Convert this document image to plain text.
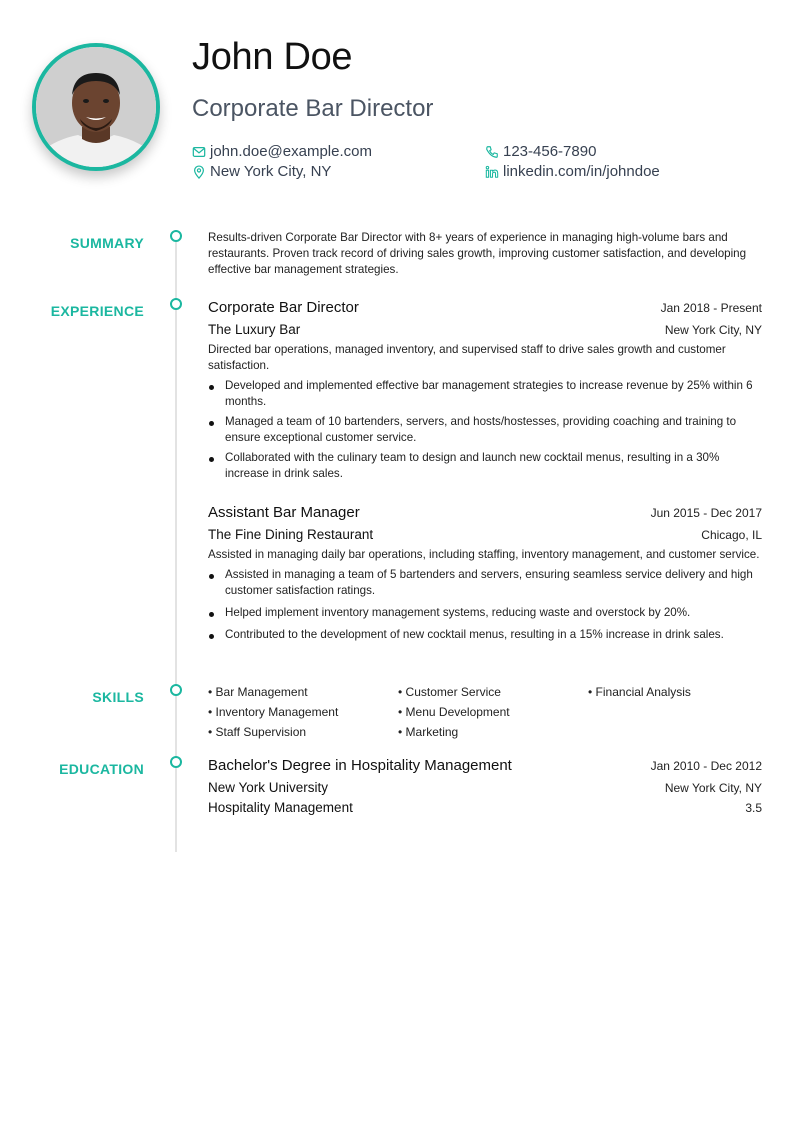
John Doe
Corporate Bar Director
john.doe@example.com	123-456-7890
New York City, NY	linkedin.com/in/johndoe
SUMMARY	Results-driven Corporate Bar Director with 8+ years of experience in managing high-volume bars and restaurants. Proven track record of driving sales growth, improving customer satisfaction, and developing effective bar management strategies.

EXPERIENCE	Corporate Bar Director	Jan 2018 - Present
The Luxury Bar	New York City, NY

Directed bar operations, managed inventory, and supervised staff to drive sales growth and customer satisfaction.

Developed and implemented effective bar management strategies to increase revenue by 25% within 6 months.
Managed a team of 10 bartenders, servers, and hosts/hostesses, providing coaching and training to ensure exceptional customer service.
Collaborated with the culinary team to design and launch new cocktail menus, resulting in a 30% increase in drink sales.
Assistant Bar Manager	Jun 2015 - Dec 2017
The Fine Dining Restaurant	Chicago, IL

Assisted in managing daily bar operations, including staffing, inventory management, and customer service.

Assisted in managing a team of 5 bartenders and servers, ensuring seamless service delivery and high customer satisfaction ratings.
Helped implement inventory management systems, reducing waste and overstock by 20%.
Contributed to the development of new cocktail menus, resulting in a 15% increase in drink sales.
SKILLS	• Bar Management	• Customer Service	• Financial Analysis
• Inventory Management	• Menu Development
• Staff Supervision	• Marketing
EDUCATION	Bachelor's Degree in Hospitality Management	Jan 2010 - Dec 2012
New York University	New York City, NY
Hospitality Management	3.5
